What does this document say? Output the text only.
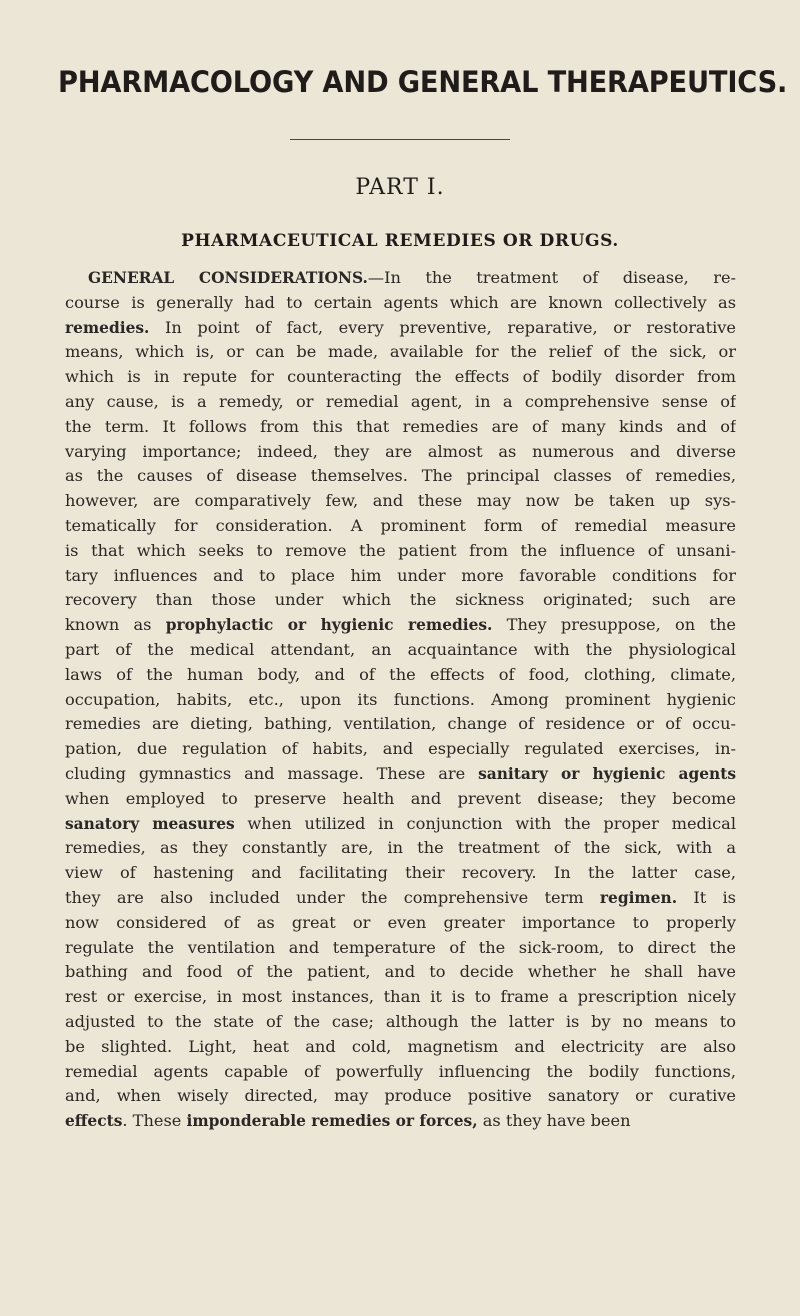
PHARMACOLOGY AND GENERAL THERAPEUTICS.
PART I.
PHARMACEUTICAL REMEDIES OR DRUGS.
GENERAL CONSIDERATIONS.—In the treatment of disease, re-
course is generally had to certain agents which are known collectively as
remedies. In point of fact, every preventive, reparative, or restorative
means, which is, or can be made, available for the relief of the sick, or
which is in repute for counteracting the effects of bodily disorder from
any cause, is a remedy, or remedial agent, in a comprehensive sense of
the term. It follows from this that remedies are of many kinds and of
varying importance; indeed, they are almost as numerous and diverse
as the causes of disease themselves. The principal classes of remedies,
however, are comparatively few, and these may now be taken up sys-
tematically for consideration. A prominent form of remedial measure
is that which seeks to remove the patient from the influence of unsani-
tary influences and to place him under more favorable conditions for
recovery than those under which the sickness originated; such are
known as prophylactic or hygienic remedies. They presuppose, on the
part of the medical attendant, an acquaintance with the physiological
laws of the human body, and of the effects of food, clothing, climate,
occupation, habits, etc., upon its functions. Among prominent hygienic
remedies are dieting, bathing, ventilation, change of residence or of occu-
pation, due regulation of habits, and especially regulated exercises, in-
cluding gymnastics and massage. These are sanitary or hygienic agents
when employed to preserve health and prevent disease; they become
sanatory measures when utilized in conjunction with the proper medical
remedies, as they constantly are, in the treatment of the sick, with a
view of hastening and facilitating their recovery. In the latter case,
they are also included under the comprehensive term regimen. It is
now considered of as great or even greater importance to properly
regulate the ventilation and temperature of the sick-room, to direct the
bathing and food of the patient, and to decide whether he shall have
rest or exercise, in most instances, than it is to frame a prescription nicely
adjusted to the state of the case; although the latter is by no means to
be slighted. Light, heat and cold, magnetism and electricity are also
remedial agents capable of powerfully influencing the bodily functions,
and, when wisely directed, may produce positive sanatory or curative
effects. These imponderable remedies or forces, as they have been
